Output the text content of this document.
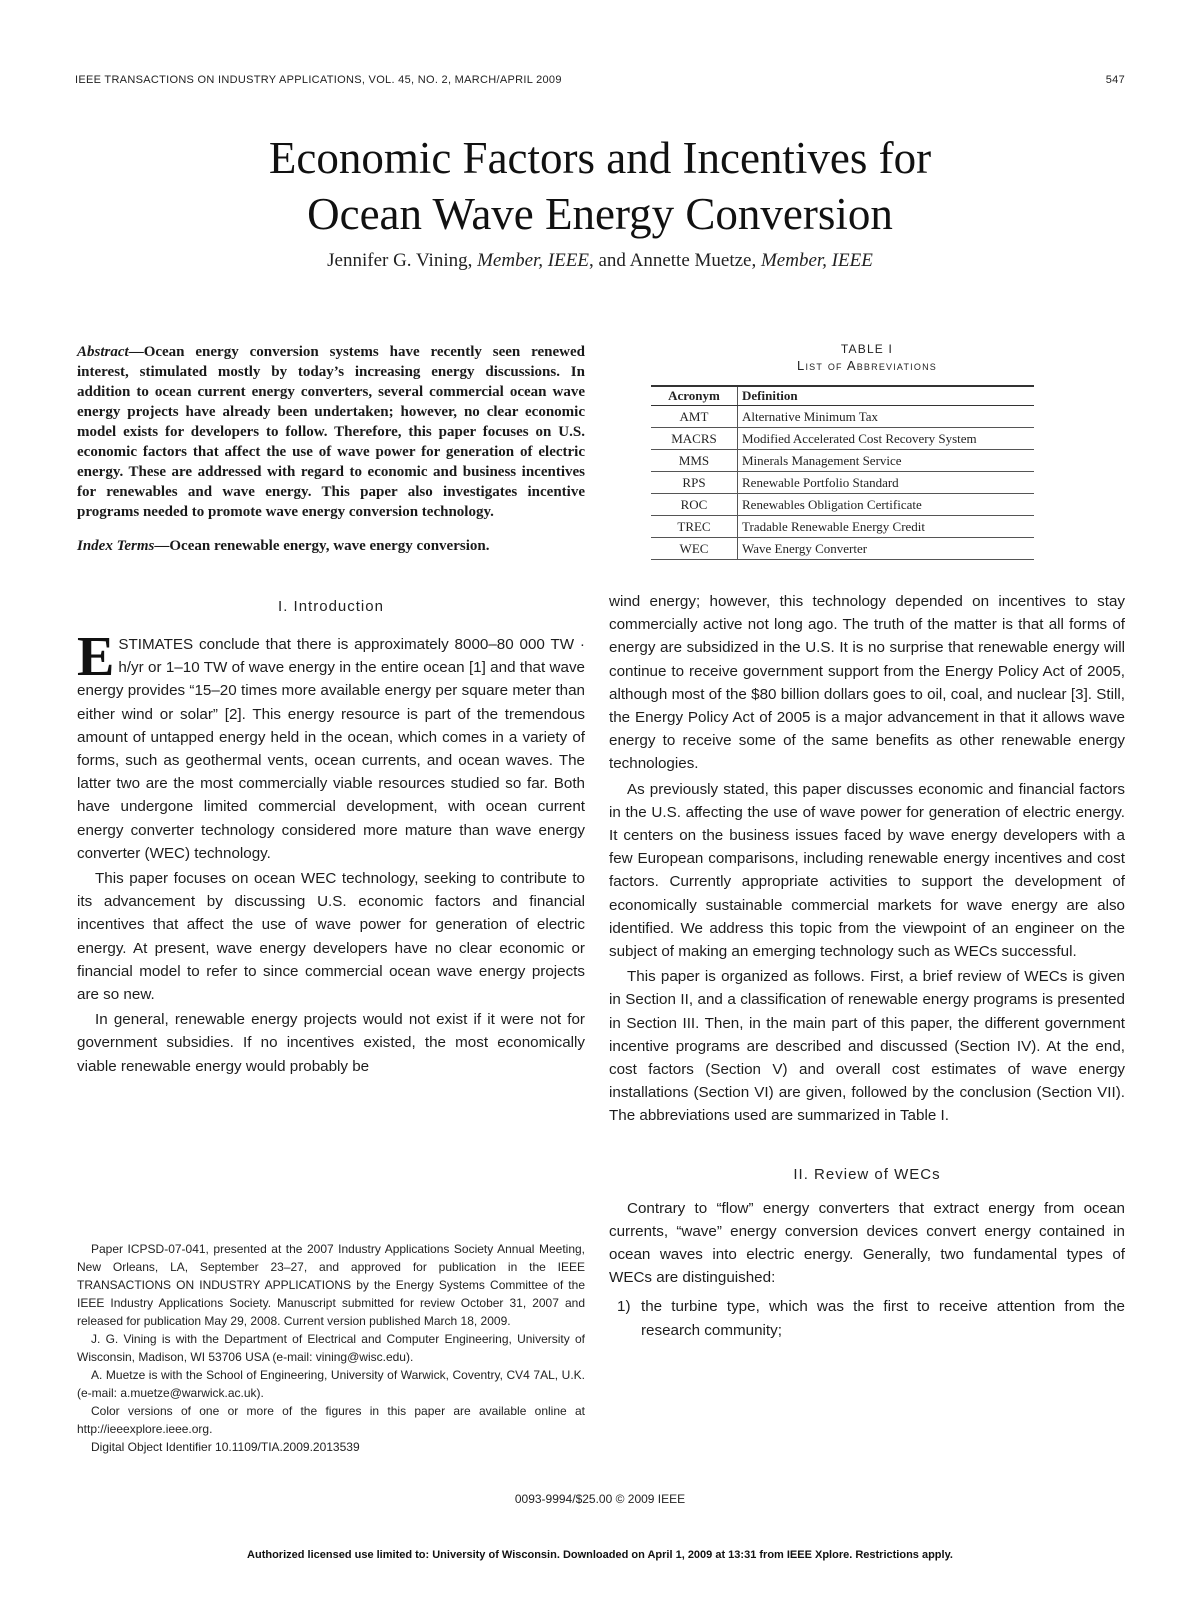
IEEE TRANSACTIONS ON INDUSTRY APPLICATIONS, VOL. 45, NO. 2, MARCH/APRIL 2009	547
Economic Factors and Incentives for
Ocean Wave Energy Conversion
Jennifer G. Vining, Member, IEEE, and Annette Muetze, Member, IEEE

Abstract—Ocean energy conversion systems have recently seen renewed interest, stimulated mostly by today’s increasing energy discussions. In addition to ocean current energy converters, several commercial ocean wave energy projects have already been undertaken; however, no clear economic model exists for developers to follow. Therefore, this paper focuses on U.S. economic factors that affect the use of wave power for generation of electric energy. These are addressed with regard to economic and business incentives for renewables and wave energy. This paper also investigates incentive programs needed to promote wave energy conversion technology.

Index Terms—Ocean renewable energy, wave energy conversion.

I. Introduction

ESTIMATES conclude that there is approximately 8000–80 000 TW · h/yr or 1–10 TW of wave energy in the entire ocean [1] and that wave energy provides “15–20 times more available energy per square meter than either wind or solar” [2]. This energy resource is part of the tremendous amount of untapped energy held in the ocean, which comes in a variety of forms, such as geothermal vents, ocean currents, and ocean waves. The latter two are the most commercially viable resources studied so far. Both have undergone limited commercial development, with ocean current energy converter technology considered more mature than wave energy converter (WEC) technology.

This paper focuses on ocean WEC technology, seeking to contribute to its advancement by discussing U.S. economic factors and financial incentives that affect the use of wave power for generation of electric energy. At present, wave energy developers have no clear economic or financial model to refer to since commercial ocean wave energy projects are so new.

In general, renewable energy projects would not exist if it were not for government subsidies. If no incentives existed, the most economically viable renewable energy would probably be

Paper ICPSD-07-041, presented at the 2007 Industry Applications Society Annual Meeting, New Orleans, LA, September 23–27, and approved for publication in the IEEE TRANSACTIONS ON INDUSTRY APPLICATIONS by the Energy Systems Committee of the IEEE Industry Applications Society. Manuscript submitted for review October 31, 2007 and released for publication May 29, 2008. Current version published March 18, 2009.

J. G. Vining is with the Department of Electrical and Computer Engineering, University of Wisconsin, Madison, WI 53706 USA (e-mail: vining@wisc.edu).

A. Muetze is with the School of Engineering, University of Warwick, Coventry, CV4 7AL, U.K. (e-mail: a.muetze@warwick.ac.uk).

Color versions of one or more of the figures in this paper are available online at http://ieeexplore.ieee.org.

Digital Object Identifier 10.1109/TIA.2009.2013539

TABLE I
List of Abbreviations
Acronym	Definition
AMT	Alternative Minimum Tax
MACRS	Modified Accelerated Cost Recovery System
MMS	Minerals Management Service
RPS	Renewable Portfolio Standard
ROC	Renewables Obligation Certificate
TREC	Tradable Renewable Energy Credit
WEC	Wave Energy Converter

wind energy; however, this technology depended on incentives to stay commercially active not long ago. The truth of the matter is that all forms of energy are subsidized in the U.S. It is no surprise that renewable energy will continue to receive government support from the Energy Policy Act of 2005, although most of the $80 billion dollars goes to oil, coal, and nuclear [3]. Still, the Energy Policy Act of 2005 is a major advancement in that it allows wave energy to receive some of the same benefits as other renewable energy technologies.

As previously stated, this paper discusses economic and financial factors in the U.S. affecting the use of wave power for generation of electric energy. It centers on the business issues faced by wave energy developers with a few European comparisons, including renewable energy incentives and cost factors. Currently appropriate activities to support the development of economically sustainable commercial markets for wave energy are also identified. We address this topic from the viewpoint of an engineer on the subject of making an emerging technology such as WECs successful.

This paper is organized as follows. First, a brief review of WECs is given in Section II, and a classification of renewable energy programs is presented in Section III. Then, in the main part of this paper, the different government incentive programs are described and discussed (Section IV). At the end, cost factors (Section V) and overall cost estimates of wave energy installations (Section VI) are given, followed by the conclusion (Section VII). The abbreviations used are summarized in Table I.

II. Review of WECs

Contrary to “flow” energy converters that extract energy from ocean currents, “wave” energy conversion devices convert energy contained in ocean waves into electric energy. Generally, two fundamental types of WECs are distinguished:

1) the turbine type, which was the first to receive attention from the research community;
0093-9994/$25.00 © 2009 IEEE
Authorized licensed use limited to: University of Wisconsin. Downloaded on April 1, 2009 at 13:31 from IEEE Xplore. Restrictions apply.
